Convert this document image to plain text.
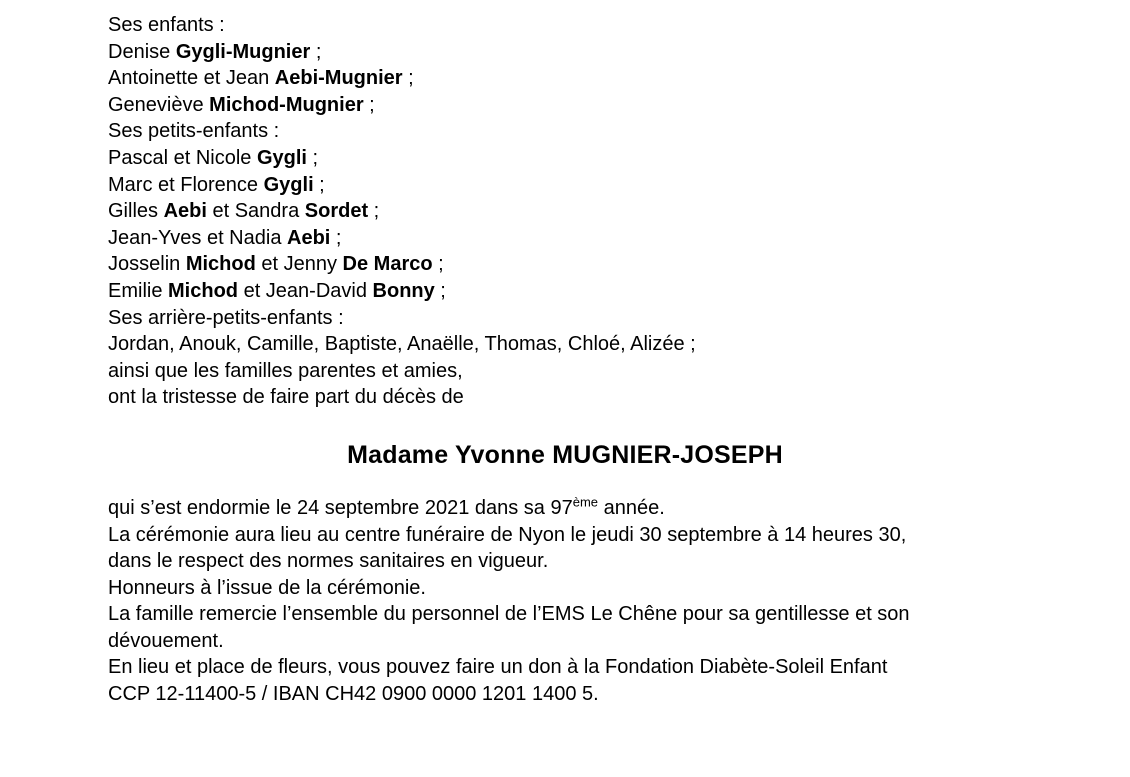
Ses enfants :
Denise Gygli-Mugnier ;
Antoinette et Jean Aebi-Mugnier ;
Geneviève Michod-Mugnier ;
Ses petits-enfants :
Pascal et Nicole Gygli ;
Marc et Florence Gygli ;
Gilles Aebi et Sandra Sordet ;
Jean-Yves et Nadia Aebi ;
Josselin Michod et Jenny De Marco ;
Emilie Michod et Jean-David Bonny ;
Ses arrière-petits-enfants :
Jordan, Anouk, Camille, Baptiste, Anaëlle, Thomas, Chloé, Alizée ;
ainsi que les familles parentes et amies,
ont la tristesse de faire part du décès de
Madame Yvonne MUGNIER-JOSEPH
qui s’est endormie le 24 septembre 2021 dans sa 97ème année.
La cérémonie aura lieu au centre funéraire de Nyon le jeudi 30 septembre à 14 heures 30,
dans le respect des normes sanitaires en vigueur.
Honneurs à l’issue de la cérémonie.
La famille remercie l’ensemble du personnel de l’EMS Le Chêne pour sa gentillesse et son
dévouement.
En lieu et place de fleurs, vous pouvez faire un don à la Fondation Diabète-Soleil Enfant
CCP 12-11400-5 / IBAN CH42 0900 0000 1201 1400 5.
